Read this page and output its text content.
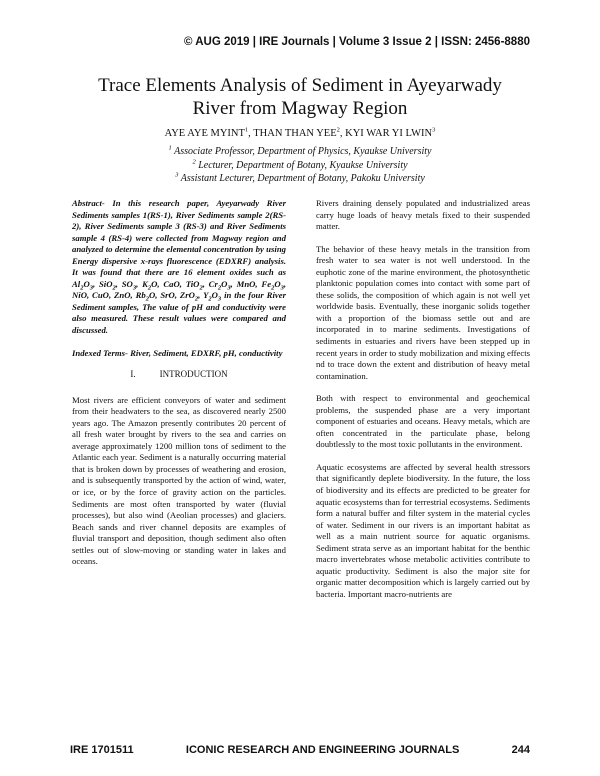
© AUG 2019 | IRE Journals | Volume 3 Issue 2 | ISSN: 2456-8880
Trace Elements Analysis of Sediment in Ayeyarwady
River from Magway Region
AYE AYE MYINT$^1$, THAN THAN YEE$^2$, KYI WAR YI LWIN$^3$
$^1$ Associate Professor, Department of Physics, Kyaukse University
$^2$ Lecturer, Department of Botany, Kyaukse University
$^3$ Assistant Lecturer, Department of Botany, Pakoku University
Abstract- In this research paper, Ayeyarwady River Sediments samples 1(RS-1), River Sediments sample 2(RS-2), River Sediments sample 3 (RS-3) and River Sediments sample 4 (RS-4) were collected from Magway region and analyzed to determine the elemental concentration by using Energy dispersive x-rays fluorescence (EDXRF) analysis. It was found that there are 16 element oxides such as $Al_2O_3$, SiO$_2$, $SO_3$, $K_2O$, CaO, TiO$_2$, $Cr_2O_3$, MnO, $Fe_2O_3$, NiO, CuO, ZnO, $Rb_2O$, SrO, ZrO$_2$, $Y_2O_3$ in the four River Sediment samples, The value of pH and conductivity were also measured. These result values were compared and discussed.
Indexed Terms- River, Sediment, EDXRF, pH, conductivity
I.	INTRODUCTION
Most rivers are efficient conveyors of water and sediment from their headwaters to the sea, as discovered nearly 2500 years ago. The Amazon presently contributes 20 percent of all fresh water brought by rivers to the sea and carries on average approximately 1200 million tons of sediment to the Atlantic each year. Sediment is a naturally occurring material that is broken down by processes of weathering and erosion, and is subsequently transported by the action of wind, water, or ice, or by the force of gravity action on the particles. Sediments are most often transported by water (fluvial processes), but also wind (Aeolian processes) and glaciers. Beach sands and river channel deposits are examples of fluvial transport and deposition, though sediment also often settles out of slow-moving or standing water in lakes and oceans.
Rivers draining densely populated and industrialized areas carry huge loads of heavy metals fixed to their suspended matter.
The behavior of these heavy metals in the transition from fresh water to sea water is not well understood. In the euphotic zone of the marine environment, the photosynthetic planktonic population comes into contact with some part of these solids, the composition of which again is not well yet worldwide basis. Eventually, these inorganic solids together with a proportion of the biomass settle out and are incorporated in to marine sediments. Investigations of sediments in estuaries and rivers have been stepped up in recent years in order to study mobilization and mixing effects nd to trace down the extent and distribution of heavy metal contamination.
Both with respect to environmental and geochemical problems, the suspended phase are a very important component of estuaries and oceans. Heavy metals, which are often concentrated in the particulate phase, belong doubtlessly to the most toxic pollutants in the environment.
Aquatic ecosystems are affected by several health stressors that significantly deplete biodiversity. In the future, the loss of biodiversity and its effects are predicted to be greater for aquatic ecosystems than for terrestrial ecosystems. Sediments form a natural buffer and filter system in the material cycles of water. Sediment in our rivers is an important habitat as well as a main nutrient source for aquatic organisms. Sediment strata serve as an important habitat for the benthic macro invertebrates whose metabolic activities contribute to aquatic productivity. Sediment is also the major site for organic matter decomposition which is largely carried out by bacteria. Important macro-nutrients are
IRE 1701511	ICONIC RESEARCH AND ENGINEERING JOURNALS	244
